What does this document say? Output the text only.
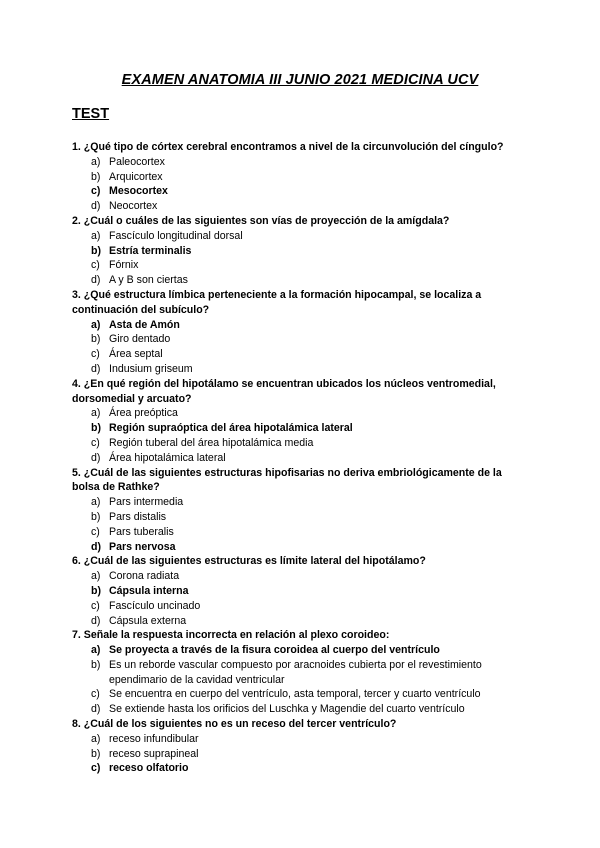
EXAMEN ANATOMIA III JUNIO 2021 MEDICINA UCV
TEST
1. ¿Qué tipo de córtex cerebral encontramos a nivel de la circunvolución del cíngulo?
a) Paleocortex
b) Arquicortex
c) Mesocortex
d) Neocortex
2. ¿Cuál o cuáles de las siguientes son vías de proyección de la amígdala?
a) Fascículo longitudinal dorsal
b) Estría terminalis
c) Fórnix
d) A y B son ciertas
3. ¿Qué estructura límbica perteneciente a la formación hipocampal, se localiza a continuación del subículo?
a) Asta de Amón
b) Giro dentado
c) Área septal
d) Indusium griseum
4. ¿En qué región del hipotálamo se encuentran ubicados los núcleos ventromedial, dorsomedial y arcuato?
a) Área preóptica
b) Región supraóptica del área hipotalámica lateral
c) Región tuberal del área hipotalámica media
d) Área hipotalámica lateral
5. ¿Cuál de las siguientes estructuras hipofisarias no deriva embriológicamente de la bolsa de Rathke?
a) Pars intermedia
b) Pars distalis
c) Pars tuberalis
d) Pars nervosa
6. ¿Cuál de las siguientes estructuras es límite lateral del hipotálamo?
a) Corona radiata
b) Cápsula interna
c) Fascículo uncinado
d) Cápsula externa
7. Señale la respuesta incorrecta en relación al plexo coroideo:
a) Se proyecta a través de la fisura coroidea al cuerpo del ventrículo
b) Es un reborde vascular compuesto por aracnoides cubierta por el revestimiento ependimario de la cavidad ventricular
c) Se encuentra en cuerpo del ventrículo, asta temporal, tercer y cuarto ventrículo
d) Se extiende hasta los orificios del Luschka y Magendie del cuarto ventrículo
8. ¿Cuál de los siguientes no es un receso del tercer ventrículo?
a) receso infundibular
b) receso suprapineal
c) receso olfatorio
